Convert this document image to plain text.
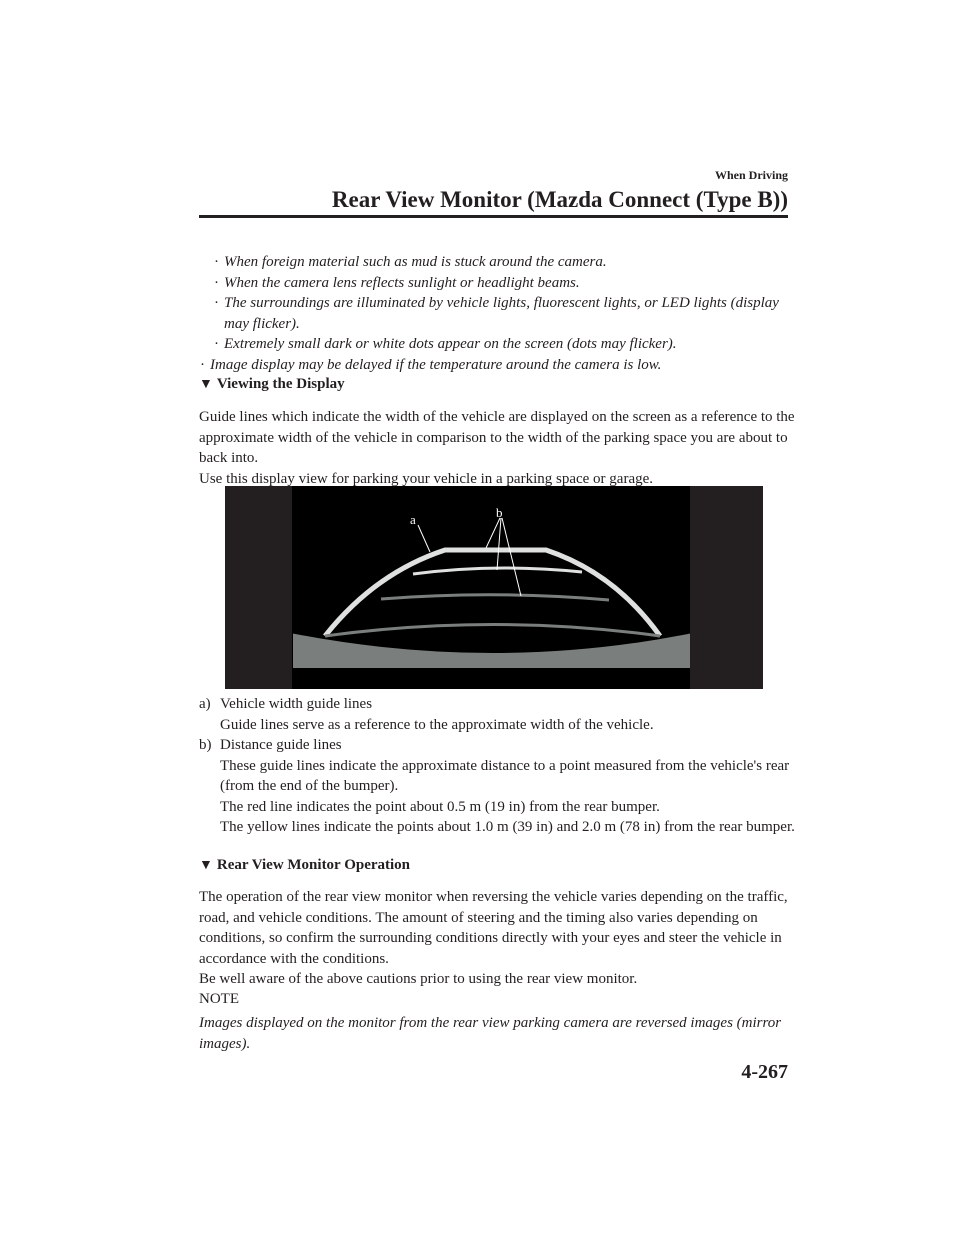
When Driving
Rear View Monitor (Mazda Connect (Type B))

· When foreign material such as mud is stuck around the camera.

· When the camera lens reflects sunlight or headlight beams.

· The surroundings are illuminated by vehicle lights, fluorescent lights, or LED lights (display may flicker).

· Extremely small dark or white dots appear on the screen (dots may flicker).

· Image display may be delayed if the temperature around the camera is low.

▼ Viewing the Display

Guide lines which indicate the width of the vehicle are displayed on the screen as a reference to the approximate width of the vehicle in comparison to the width of the parking space you are about to back into.

Use this display view for parking your vehicle in a parking space or garage.

a	b

a) Vehicle width guide lines

Guide lines serve as a reference to the approximate width of the vehicle.

b) Distance guide lines

These guide lines indicate the approximate distance to a point measured from the vehicle's rear (from the end of the bumper).

The red line indicates the point about 0.5 m (19 in) from the rear bumper.

The yellow lines indicate the points about 1.0 m (39 in) and 2.0 m (78 in) from the rear bumper.

▼ Rear View Monitor Operation

The operation of the rear view monitor when reversing the vehicle varies depending on the traffic, road, and vehicle conditions. The amount of steering and the timing also varies depending on conditions, so confirm the surrounding conditions directly with your eyes and steer the vehicle in accordance with the conditions.

Be well aware of the above cautions prior to using the rear view monitor.

NOTE

Images displayed on the monitor from the rear view parking camera are reversed images (mirror images).
4-267
